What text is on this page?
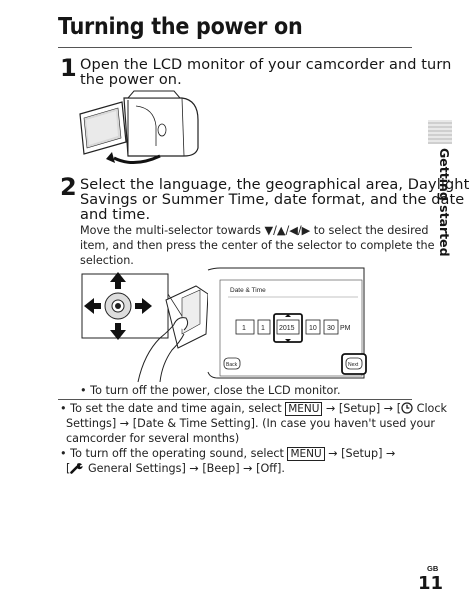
Turning the power on
1 Open the LCD monitor of your camcorder and turn
the power on.
Getting started
2 Select the language, the geographical area, Daylight
Savings or Summer Time, date format, and the date
and time.
Move the multi-selector towards ▼/▲/◀/▶ to select the desired
item, and then press the center of the selector to complete the
selection.
Date & Time
1 1 2015 10 30 PM
Back	Next
• To turn off the power, close the LCD monitor.
• To set the date and time again, select MENU → [Setup] → [ Clock
Settings] → [Date & Time Setting]. (In case you haven't used your
camcorder for several months)
• To turn off the operating sound, select MENU → [Setup] →
[ General Settings] → [Beep] → [Off].
GB
11
